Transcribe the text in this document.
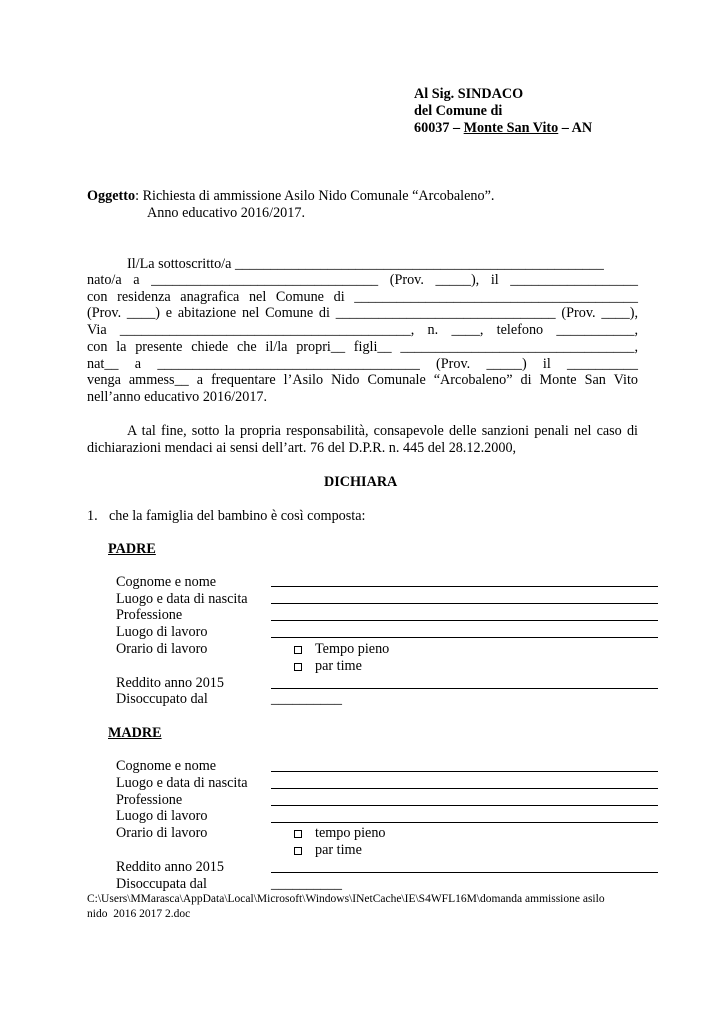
Al Sig. SINDACO
del Comune di
60037 – Monte San Vito – AN
Oggetto: Richiesta di ammissione Asilo Nido Comunale “Arcobaleno”.
Anno educativo 2016/2017.
Il/La sottoscritto/a ____________________________________________________
nato/a a ________________________________ (Prov. _____), il __________________
con residenza anagrafica nel Comune di ________________________________________
(Prov. ____) e abitazione nel Comune di _______________________________ (Prov. ____),
Via _________________________________________, n. ____, telefono ___________,
con la presente chiede che il/la propri__ figli__ _________________________________,
nat__ a _____________________________________ (Prov. _____) il __________
venga ammess__ a frequentare l’Asilo Nido Comunale “Arcobaleno” di Monte San Vito
nell’anno educativo 2016/2017.
A tal fine, sotto la propria responsabilità, consapevole delle sanzioni penali nel caso di
dichiarazioni mendaci ai sensi dell’art. 76 del D.P.R. n. 445 del 28.12.2000,
DICHIARA
1. che la famiglia del bambino è così composta:
PADRE
Cognome e nome
Luogo e data di nascita
Professione
Luogo di lavoro
Orario di lavoro	Tempo pieno
par time
Reddito anno 2015
Disoccupato dal	__________
MADRE
Cognome e nome
Luogo e data di nascita
Professione
Luogo di lavoro
Orario di lavoro	tempo pieno
par time
Reddito anno 2015
Disoccupata dal	__________
C:\Users\MMarasca\AppData\Local\Microsoft\Windows\INetCache\IE\S4WFL16M\domanda ammissione asilo
nido  2016 2017 2.doc
